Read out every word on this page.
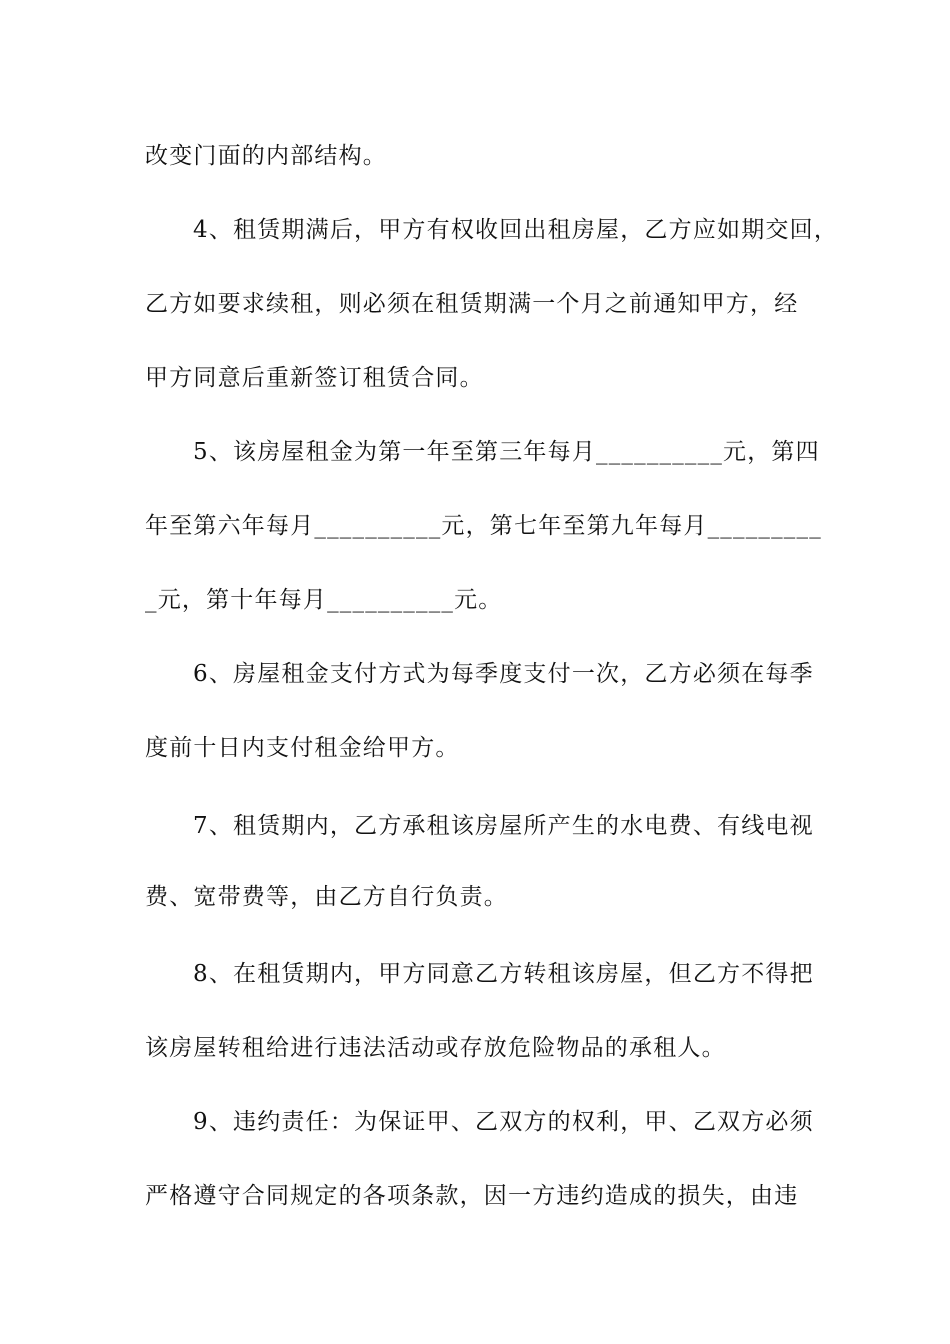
改变门面的内部结构。
4、租赁期满后，甲方有权收回出租房屋，乙方应如期交回，
乙方如要求续租，则必须在租赁期满一个月之前通知甲方，经
甲方同意后重新签订租赁合同。
5、该房屋租金为第一年至第三年每月__________元，第四
年至第六年每月__________元，第七年至第九年每月_________
_元，第十年每月__________元。
6、房屋租金支付方式为每季度支付一次，乙方必须在每季
度前十日内支付租金给甲方。
7、租赁期内，乙方承租该房屋所产生的水电费、有线电视
费、宽带费等，由乙方自行负责。
8、在租赁期内，甲方同意乙方转租该房屋，但乙方不得把
该房屋转租给进行违法活动或存放危险物品的承租人。
9、违约责任：为保证甲、乙双方的权利，甲、乙双方必须
严格遵守合同规定的各项条款，因一方违约造成的损失，由违
